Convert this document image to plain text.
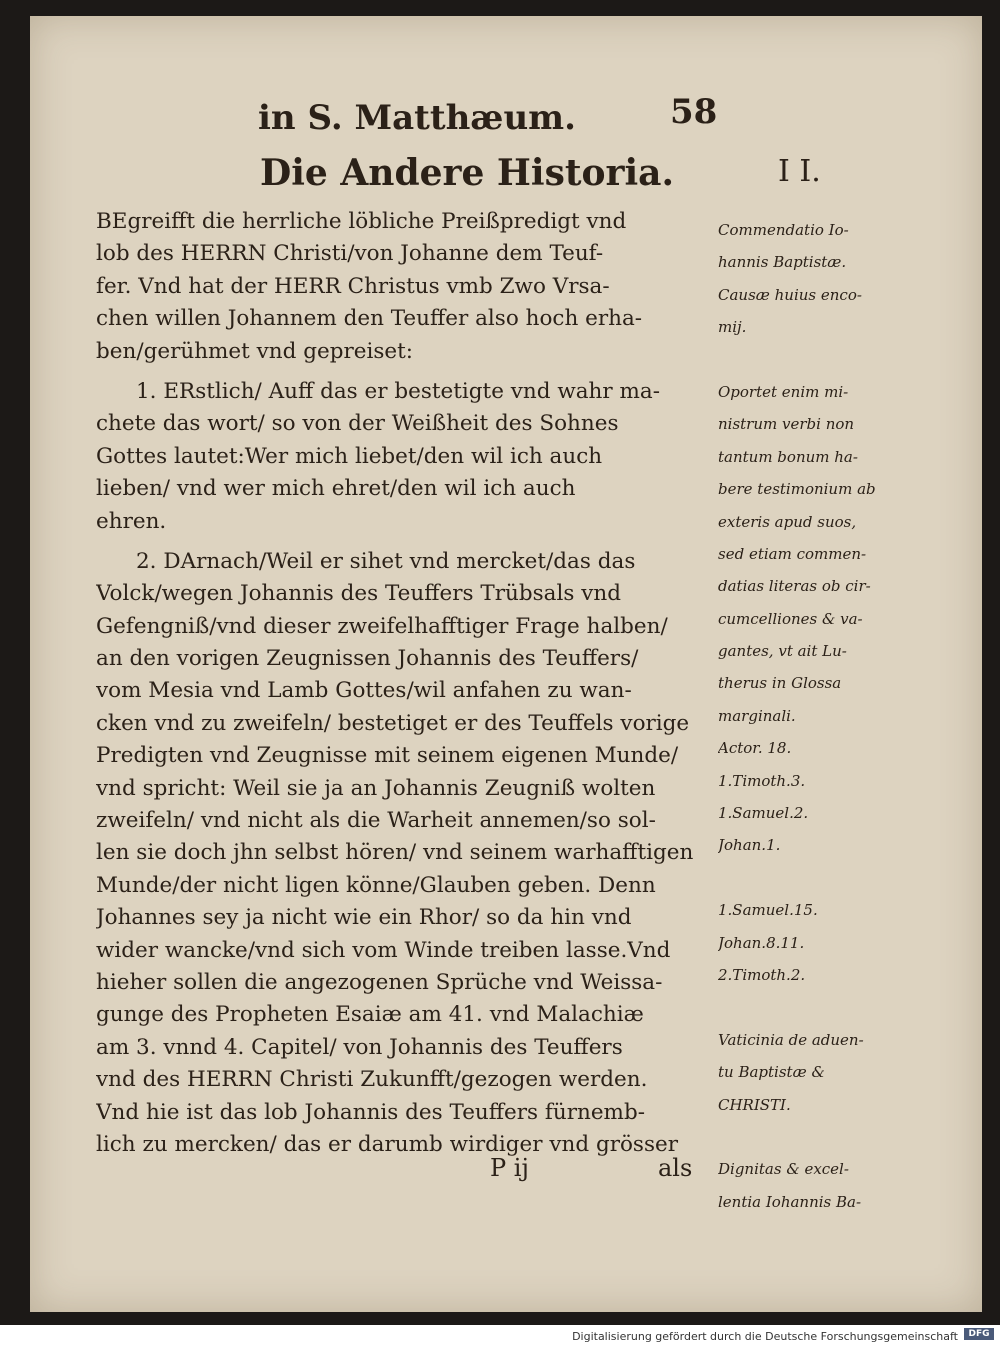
in S. Matthæum.	58
Die Andere Historia.	I I.
BEgreifft die herrliche löbliche Preißpredigt vnd
lob des HERRN Christi/von Johanne dem Teuf-
fer. Vnd hat der HERR Christus vmb Zwo Vrsa-
chen willen Johannem den Teuffer also hoch erha-
ben/gerühmet vnd gepreiset:
1. ERstlich/ Auff das er bestetigte vnd wahr ma-
chete das wort/ so von der Weißheit des Sohnes
Gottes lautet:Wer mich liebet/den wil ich auch
lieben/ vnd wer mich ehret/den wil ich auch
ehren.
2. DArnach/Weil er sihet vnd mercket/das das
Volck/wegen Johannis des Teuffers Trübsals vnd
Gefengniß/vnd dieser zweifelhafftiger Frage halben/
an den vorigen Zeugnissen Johannis des Teuffers/
vom Mesia vnd Lamb Gottes/wil anfahen zu wan-
cken vnd zu zweifeln/ bestetiget er des Teuffels vorige
Predigten vnd Zeugnisse mit seinem eigenen Munde/
vnd spricht: Weil sie ja an Johannis Zeugniß wolten
zweifeln/ vnd nicht als die Warheit annemen/so sol-
len sie doch jhn selbst hören/ vnd seinem warhafftigen
Munde/der nicht ligen könne/Glauben geben. Denn
Johannes sey ja nicht wie ein Rhor/ so da hin vnd
wider wancke/vnd sich vom Winde treiben lasse.Vnd
hieher sollen die angezogenen Sprüche vnd Weissa-
gunge des Propheten Esaiæ am 41. vnd Malachiæ
am 3. vnnd 4. Capitel/ von Johannis des Teuffers
vnd des HERRN Christi Zukunfft/gezogen werden.
Vnd hie ist das lob Johannis des Teuffers fürnemb-
lich zu mercken/ das er darumb wirdiger vnd grösser
Commendatio Io-
hannis Baptistæ.
Causæ huius enco-
mij.
Oportet enim mi-
nistrum verbi non
tantum bonum ha-
bere testimonium ab
exteris apud suos,
sed etiam commen-
datias literas ob cir-
cumcelliones & va-
gantes, vt ait Lu-
therus in Glossa
marginali.
Actor. 18.
1.Timoth.3.
1.Samuel.2.
Johan.1.
1.Samuel.15.
Johan.8.11.
2.Timoth.2.
Vaticinia de aduen-
tu Baptistæ &
CHRISTI.
Dignitas & excel-
lentia Iohannis Ba-
P ij	als
Digitalisierung gefördert durch die Deutsche Forschungsgemeinschaft	DFG
